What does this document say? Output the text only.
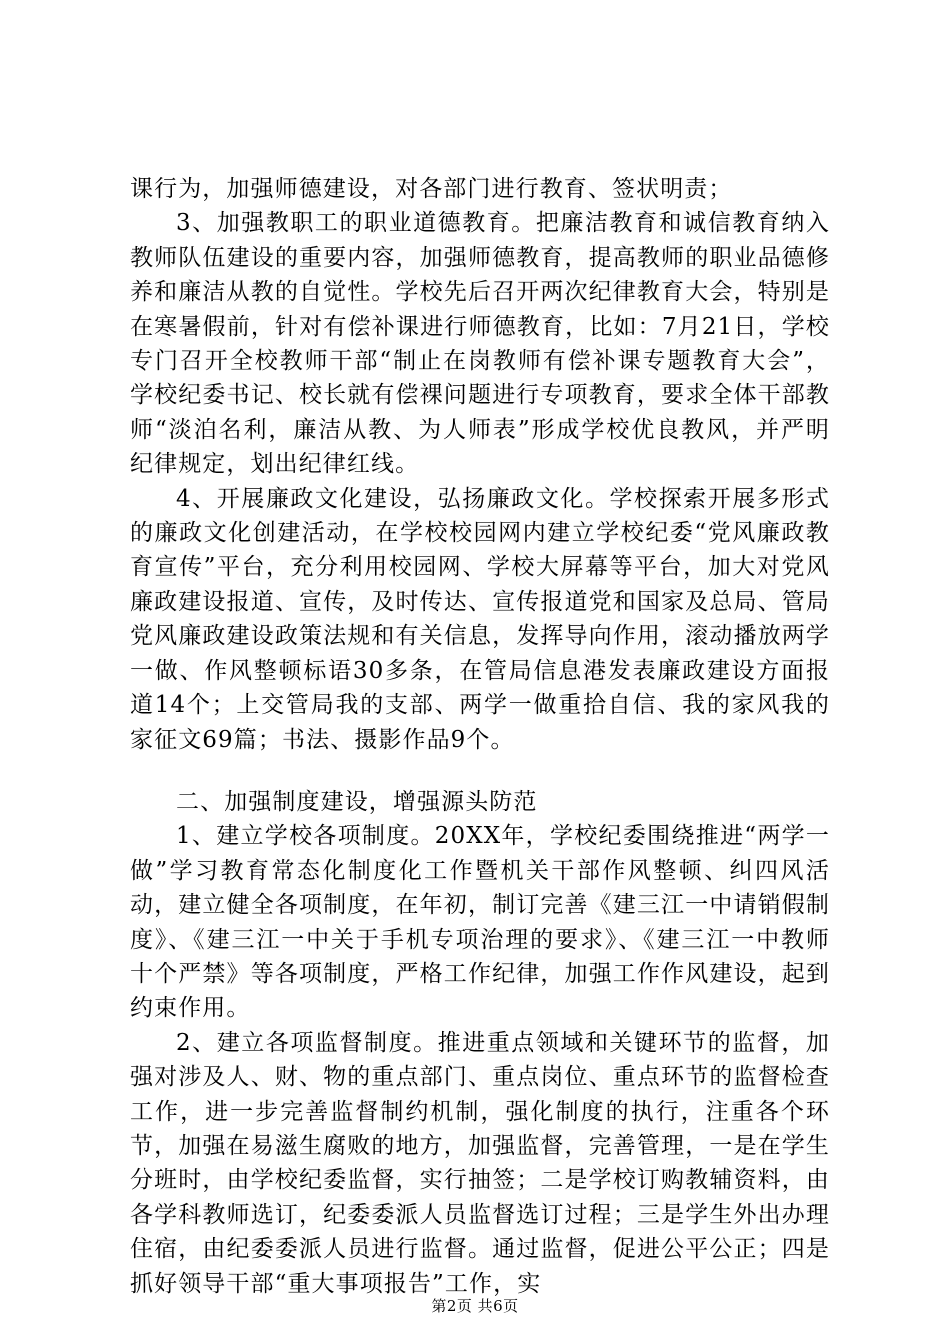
课行为，加强师德建设，对各部门进行教育、签状明责；

3、加强教职工的职业道德教育。把廉洁教育和诚信教育纳入教师队伍建设的重要内容，加强师德教育，提高教师的职业品德修养和廉洁从教的自觉性。学校先后召开两次纪律教育大会，特别是在寒暑假前，针对有偿补课进行师德教育，比如：7月21日，学校专门召开全校教师干部“制止在岗教师有偿补课专题教育大会”，学校纪委书记、校长就有偿裸问题进行专项教育，要求全体干部教师“淡泊名利，廉洁从教、为人师表”形成学校优良教风，并严明纪律规定，划出纪律红线。

4、开展廉政文化建设，弘扬廉政文化。学校探索开展多形式的廉政文化创建活动，在学校校园网内建立学校纪委“党风廉政教育宣传”平台，充分利用校园网、学校大屏幕等平台，加大对党风廉政建设报道、宣传，及时传达、宣传报道党和国家及总局、管局党风廉政建设政策法规和有关信息，发挥导向作用，滚动播放两学一做、作风整顿标语30多条，在管局信息港发表廉政建设方面报道14个；上交管局我的支部、两学一做重拾自信、我的家风我的家征文69篇；书法、摄影作品9个。

二、加强制度建设，增强源头防范

1、建立学校各项制度。20XX年，学校纪委围绕推进“两学一做”学习教育常态化制度化工作暨机关干部作风整顿、纠四风活动，建立健全各项制度，在年初，制订完善《建三江一中请销假制度》、《建三江一中关于手机专项治理的要求》、《建三江一中教师十个严禁》等各项制度，严格工作纪律，加强工作作风建设，起到约束作用。

2、建立各项监督制度。推进重点领域和关键环节的监督，加强对涉及人、财、物的重点部门、重点岗位、重点环节的监督检查工作，进一步完善监督制约机制，强化制度的执行，注重各个环节，加强在易滋生腐败的地方，加强监督，完善管理，一是在学生分班时，由学校纪委监督，实行抽签；二是学校订购教辅资料，由各学科教师选订，纪委委派人员监督选订过程；三是学生外出办理住宿，由纪委委派人员进行监督。通过监督，促进公平公正；四是抓好领导干部“重大事项报告”工作，实

第2页 共6页
